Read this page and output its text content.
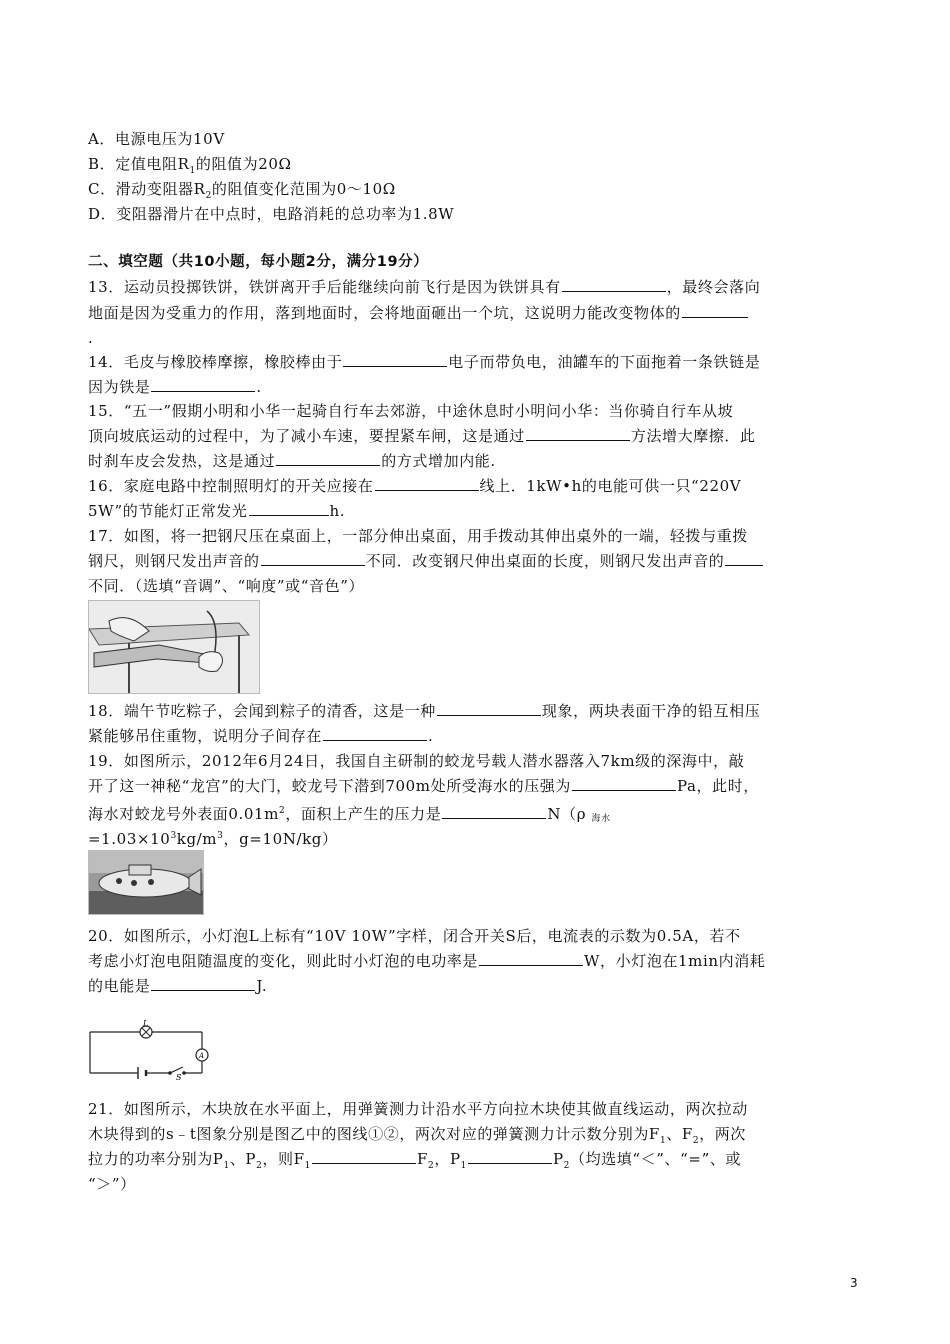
A．电源电压为10V
B．定值电阻$R_1$的阻值为20Ω
C．滑动变阻器$R_2$的阻值变化范围为0～10Ω
D．变阻器滑片在中点时，电路消耗的总功率为1.8W
二、填空题（共10小题，每小题2分，满分19分）
13．运动员投掷铁饼，铁饼离开手后能继续向前飞行是因为铁饼具有	，最终会落向
地面是因为受重力的作用，落到地面时，会将地面砸出一个坑，这说明力能改变物体的
.
14．毛皮与橡胶棒摩擦，橡胶棒由于	电子而带负电，油罐车的下面拖着一条铁链是
因为铁是	.
15．“五一”假期小明和小华一起骑自行车去郊游，中途休息时小明问小华：当你骑自行车从坡
顶向坡底运动的过程中，为了减小车速，要捏紧车闸，这是通过	方法增大摩擦．此
时刹车皮会发热，这是通过	的方式增加内能.
16．家庭电路中控制照明灯的开关应接在	线上．1kW•h的电能可供一只“220V
5W”的节能灯正常发光	h.
17．如图，将一把钢尺压在桌面上，一部分伸出桌面，用手拨动其伸出桌外的一端，轻拨与重拨
钢尺，则钢尺发出声音的	不同．改变钢尺伸出桌面的长度，则钢尺发出声音的
不同．（选填“音调”、“响度”或“音色”）
18．端午节吃粽子，会闻到粽子的清香，这是一种	现象，两块表面干净的铅互相压
紧能够吊住重物，说明分子间存在	.
19．如图所示，2012年6月24日，我国自主研制的蛟龙号载人潜水器落入7km级的深海中，敲
开了这一神秘“龙宫”的大门，蛟龙号下潜到700m处所受海水的压强为	Pa，此时，
海水对蛟龙号外表面$0.01m^2$，面积上产生的压力是	N（ρ 海水
$=1.03\times 10^3kg/m^3$，g=10N/kg）
20．如图所示，小灯泡L上标有“10V 10W”字样，闭合开关S后，电流表的示数为0.5A，若不
考虑小灯泡电阻随温度的变化，则此时小灯泡的电功率是	W，小灯泡在1min内消耗
的电能是	J.
L
A
S
21．如图所示，木块放在水平面上，用弹簧测力计沿水平方向拉木块使其做直线运动，两次拉动
木块得到的s﹣t图象分别是图乙中的图线①②，两次对应的弹簧测力计示数分别为$F_1$、$F_2$，两次
拉力的功率分别为$P_1$、$P_2$，则$F_1$	$F_2$，$P_1$	$P_2$（均选填“＜”、“=”、或
“＞”）
3
